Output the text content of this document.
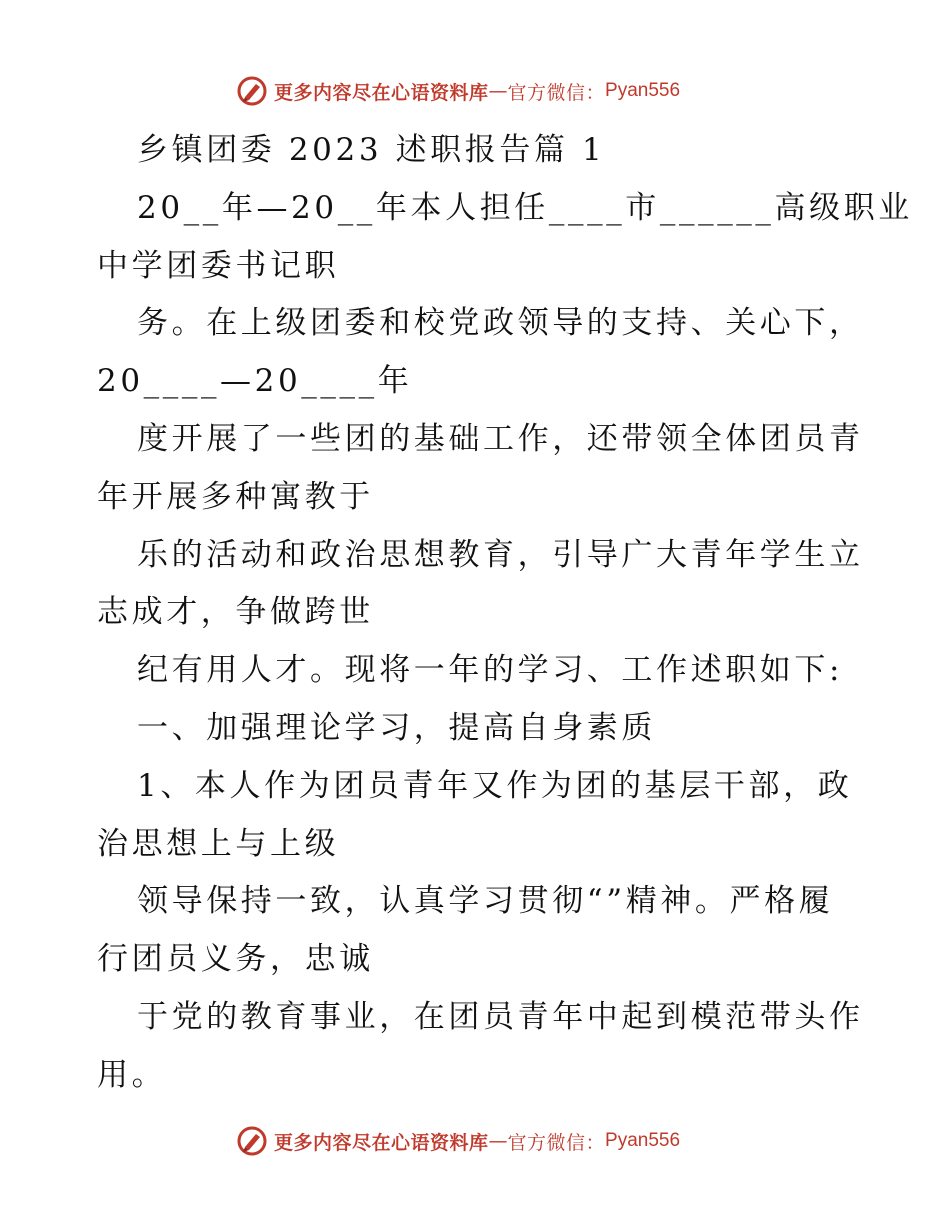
更多内容尽在心语资料库 — 官方微信： Pyan556
乡镇团委 2023 述职报告篇 1
20__年—20__年本人担任____市______高级职业
中学团委书记职
务。在上级团委和校党政领导的支持、关心下，
20____—20____年
度开展了一些团的基础工作，还带领全体团员青
年开展多种寓教于
乐的活动和政治思想教育，引导广大青年学生立
志成才，争做跨世
纪有用人才。现将一年的学习、工作述职如下:
一、加强理论学习，提高自身素质
1、本人作为团员青年又作为团的基层干部，政
治思想上与上级
领导保持一致，认真学习贯彻“”精神。严格履
行团员义务，忠诚
于党的教育事业，在团员青年中起到模范带头作
用。
更多内容尽在心语资料库 — 官方微信： Pyan556
